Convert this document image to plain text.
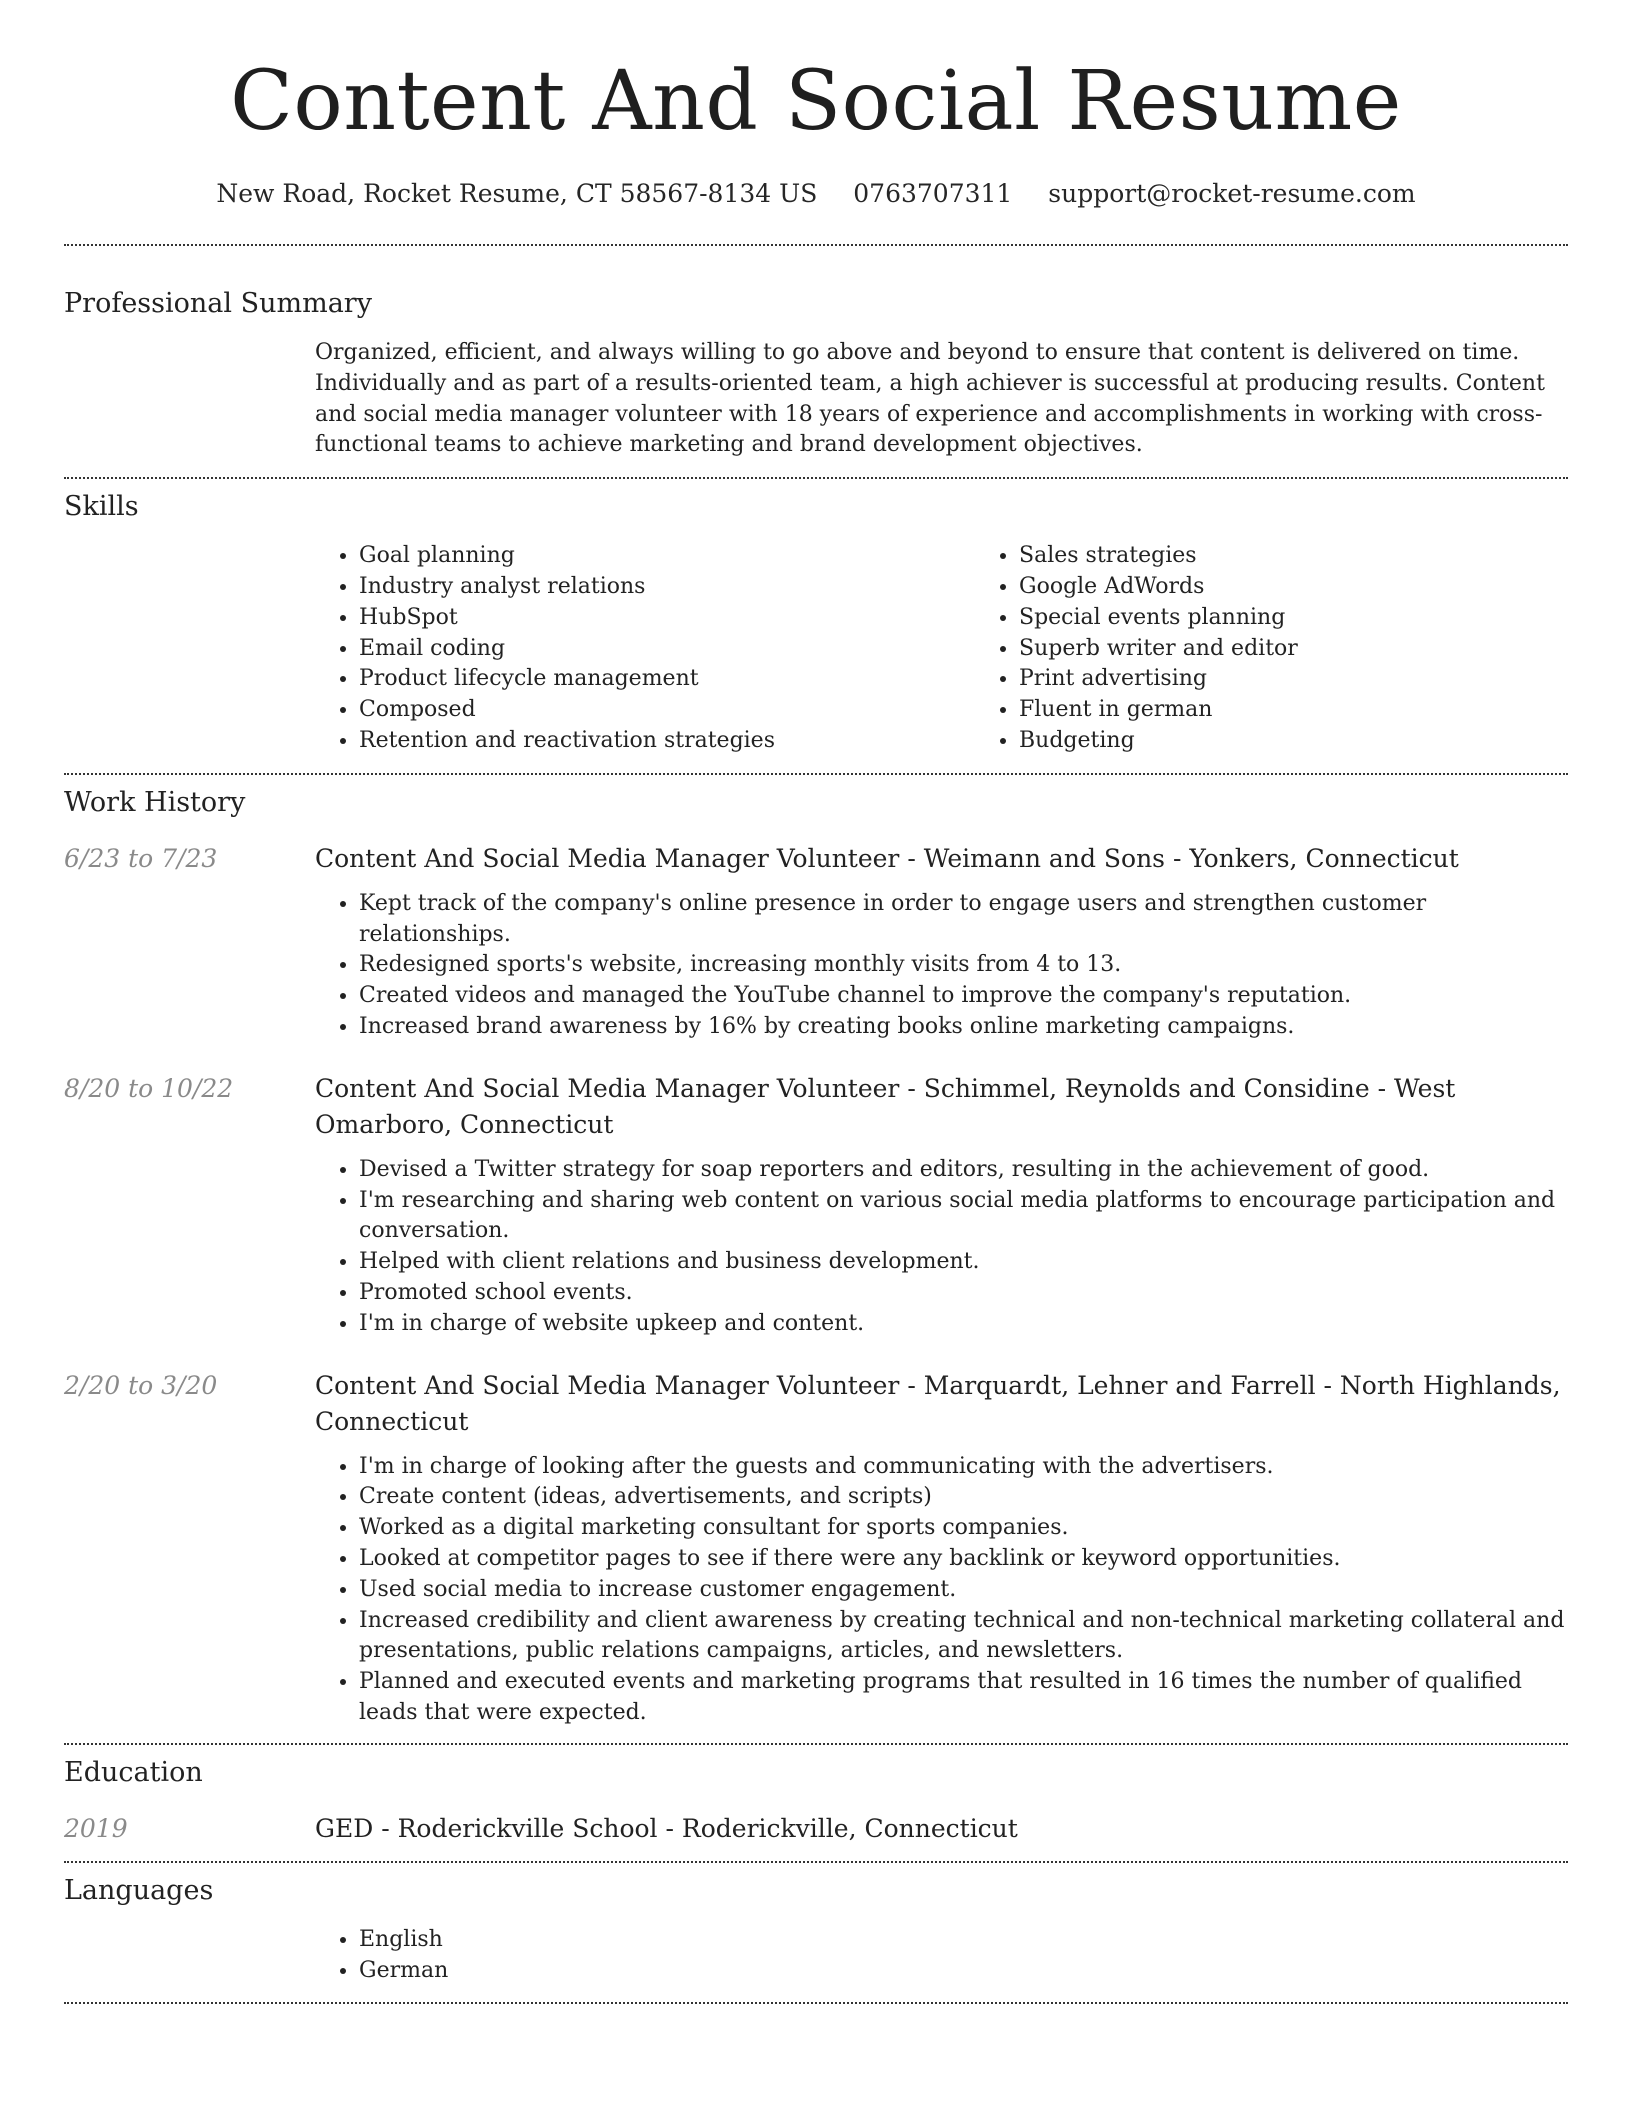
Content And Social Resume
New Road, Rocket Resume, CT 58567-8134 US 0763707311 support@rocket-resume.com
Professional Summary

Organized, efficient, and always willing to go above and beyond to ensure that content is delivered on time. Individually and as part of a results-oriented team, a high achiever is successful at producing results. Content and social media manager volunteer with 18 years of experience and accomplishments in working with cross-functional teams to achieve marketing and brand development objectives.

Skills
• Goal planning
• Industry analyst relations
• HubSpot
• Email coding
• Product lifecycle management
• Composed
• Retention and reactivation strategies
• Sales strategies
• Google AdWords
• Special events planning
• Superb writer and editor
• Print advertising
• Fluent in german
• Budgeting
Work History
6/23 to 7/23	Content And Social Media Manager Volunteer - Weimann and Sons - Yonkers, Connecticut
• Kept track of the company's online presence in order to engage users and strengthen customer relationships.
• Redesigned sports's website, increasing monthly visits from 4 to 13.
• Created videos and managed the YouTube channel to improve the company's reputation.
• Increased brand awareness by 16% by creating books online marketing campaigns.
8/20 to 10/22	Content And Social Media Manager Volunteer - Schimmel, Reynolds and Considine - West Omarboro, Connecticut
• Devised a Twitter strategy for soap reporters and editors, resulting in the achievement of good.
• I'm researching and sharing web content on various social media platforms to encourage participation and conversation.
• Helped with client relations and business development.
• Promoted school events.
• I'm in charge of website upkeep and content.
2/20 to 3/20	Content And Social Media Manager Volunteer - Marquardt, Lehner and Farrell - North Highlands, Connecticut
• I'm in charge of looking after the guests and communicating with the advertisers.
• Create content (ideas, advertisements, and scripts)
• Worked as a digital marketing consultant for sports companies.
• Looked at competitor pages to see if there were any backlink or keyword opportunities.
• Used social media to increase customer engagement.
• Increased credibility and client awareness by creating technical and non-technical marketing collateral and presentations, public relations campaigns, articles, and newsletters.
• Planned and executed events and marketing programs that resulted in 16 times the number of qualified leads that were expected.
Education
2019	GED - Roderickville School - Roderickville, Connecticut
Languages
• English
• German
